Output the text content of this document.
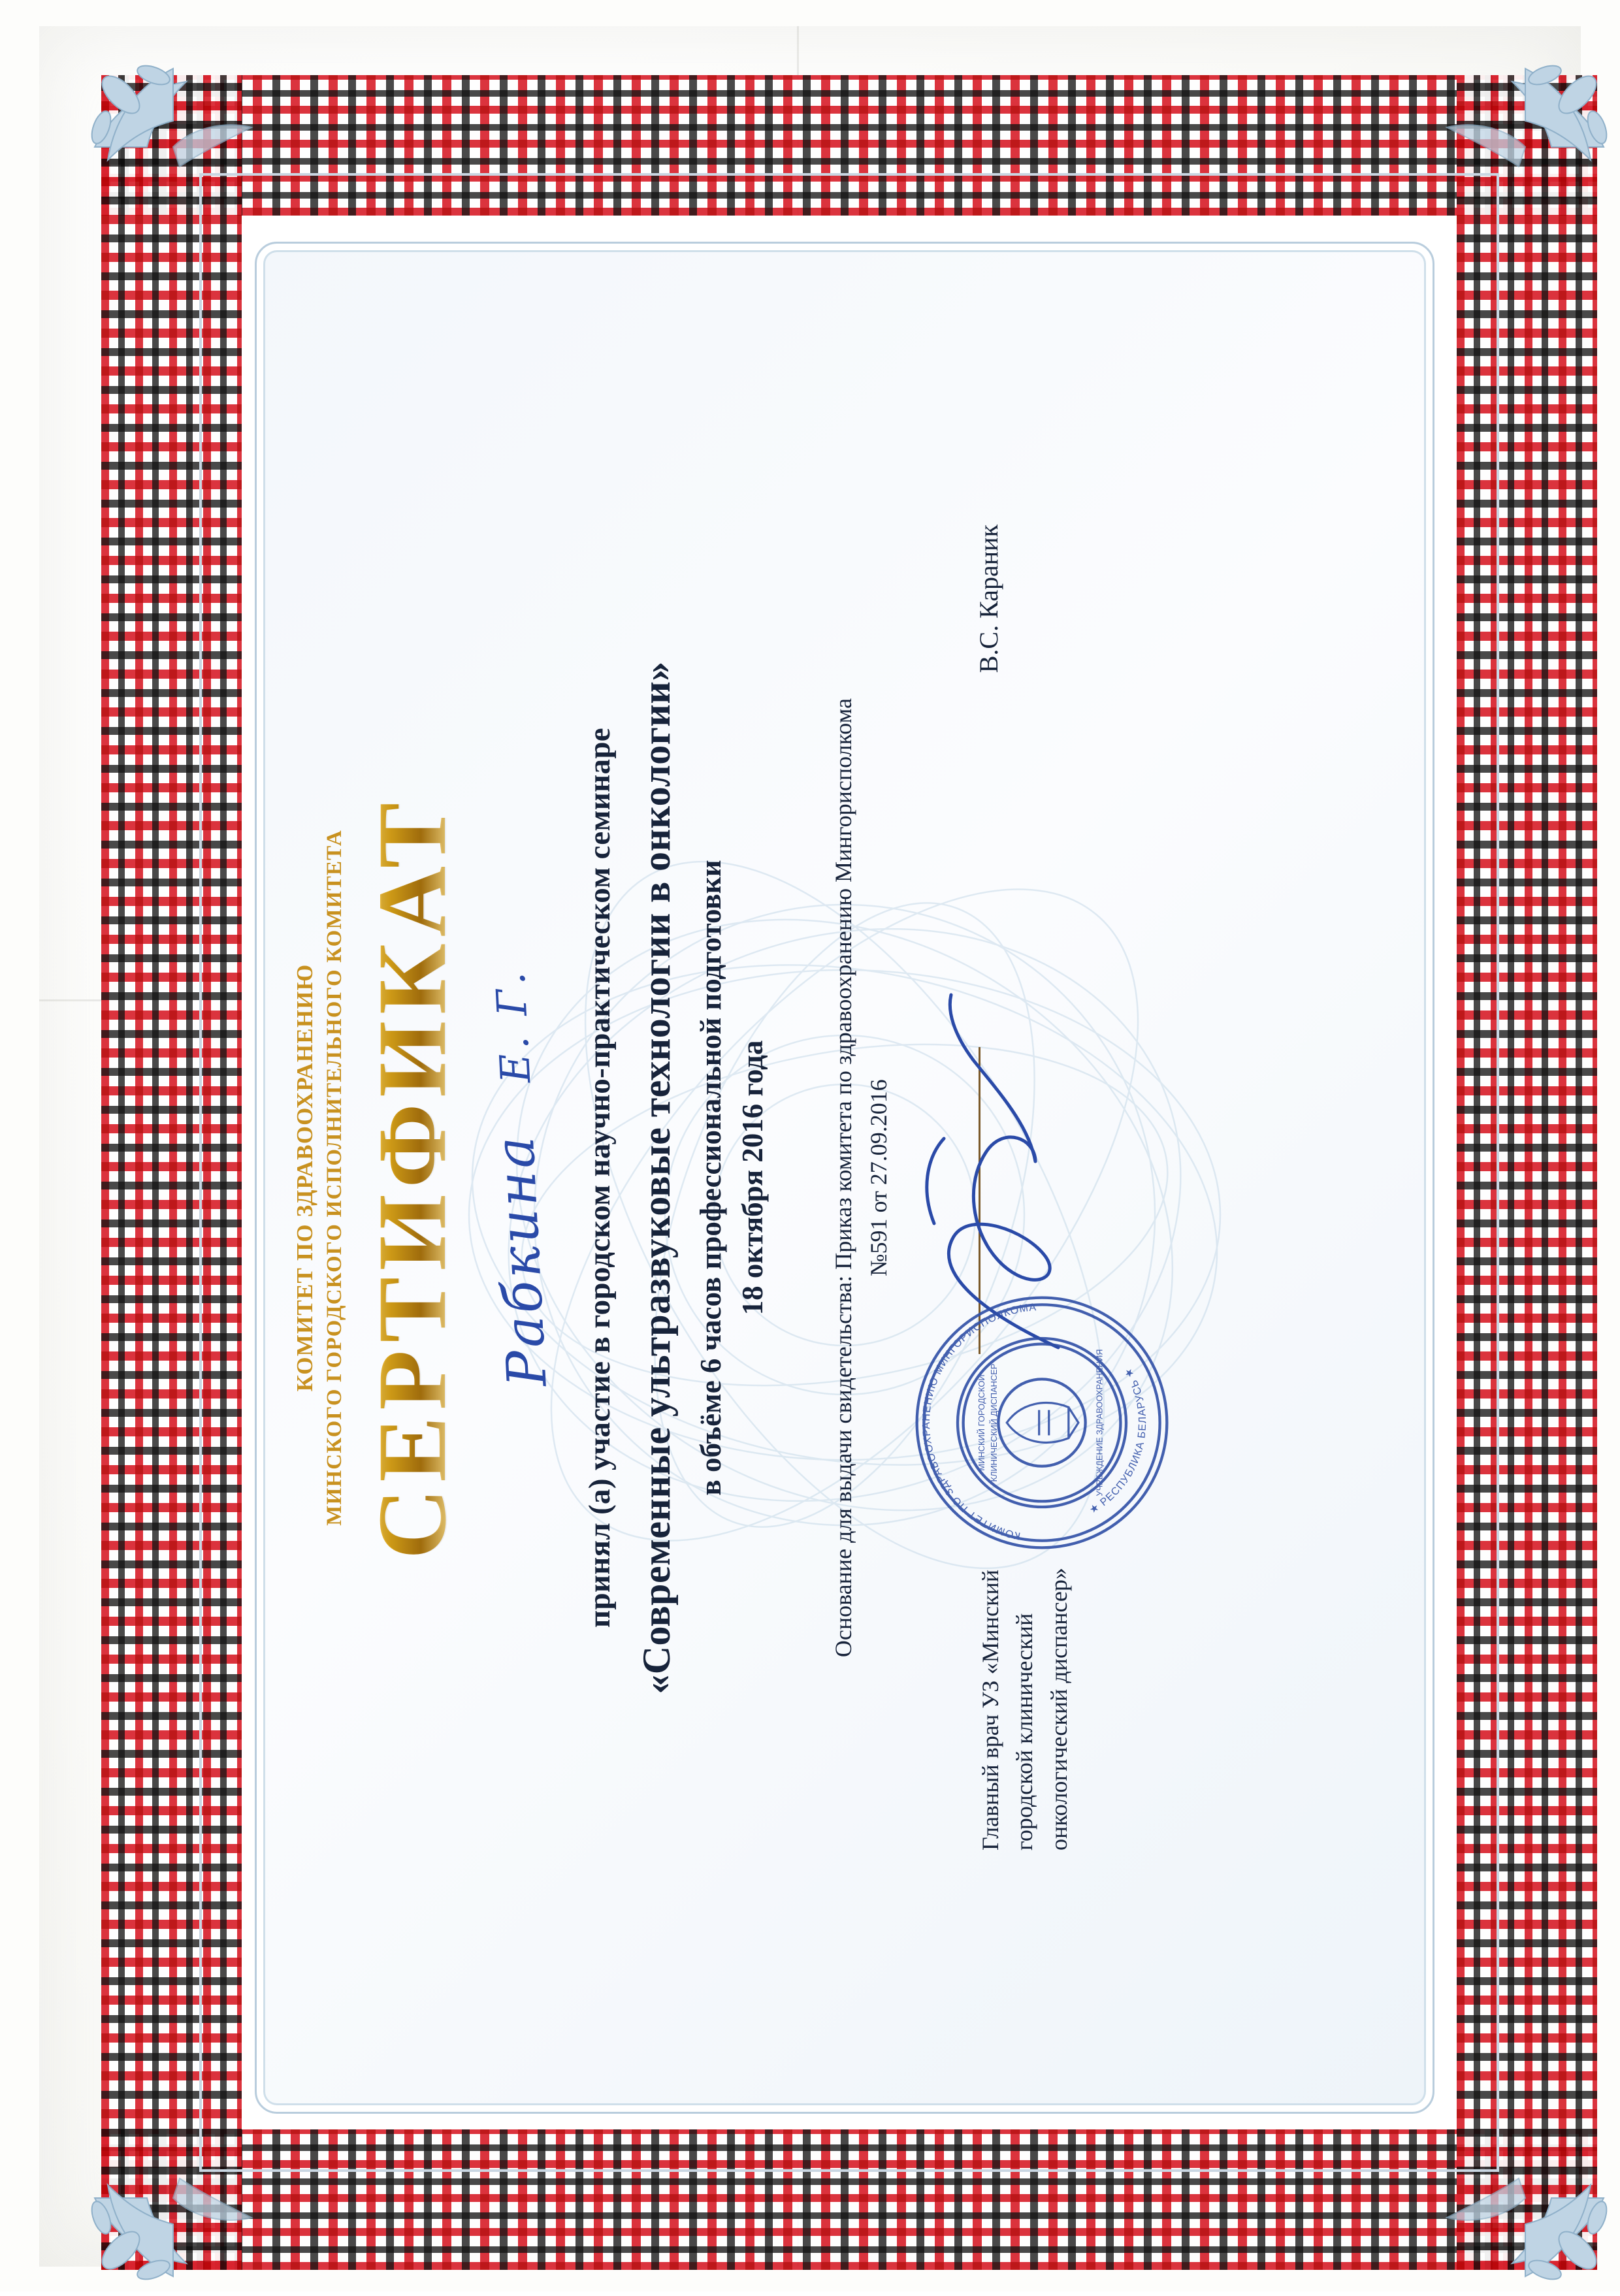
КОМИТЕТ ПО ЗДРАВООХРАНЕНИЮ МИНСКОГО ГОРОДСКОГО ИСПОЛНИТЕЛЬНОГО КОМИТЕТА СЕРТИФИКАТ Рабкина Е. Г.	принял (а) участие в городском научно-практическом семинаре «Современные ультразвуковые технологии в онкологии» в объёме 6 часов профессиональной подготовки 18 октября 2016 года	Основание для выдачи свидетельства: Приказ комитета по здравоохранению Мингорисполкома №591 от 27.09.2016
Главный врач УЗ «Минский городской клинический онкологический диспансер»
КОМИТЕТ ПО ЗДРАВООХРАНЕНИЮ МИНГОРИСПОЛКОМА
★ РЕСПУБЛИКА БЕЛАРУСЬ ★
МИНСКИЙ ГОРОДСКОЙ КЛИНИЧЕСКИЙ ДИСПАНСЕР	УЧРЕЖДЕНИЕ ЗДРАВООХРАНЕНИЯ
В.С. Караник
